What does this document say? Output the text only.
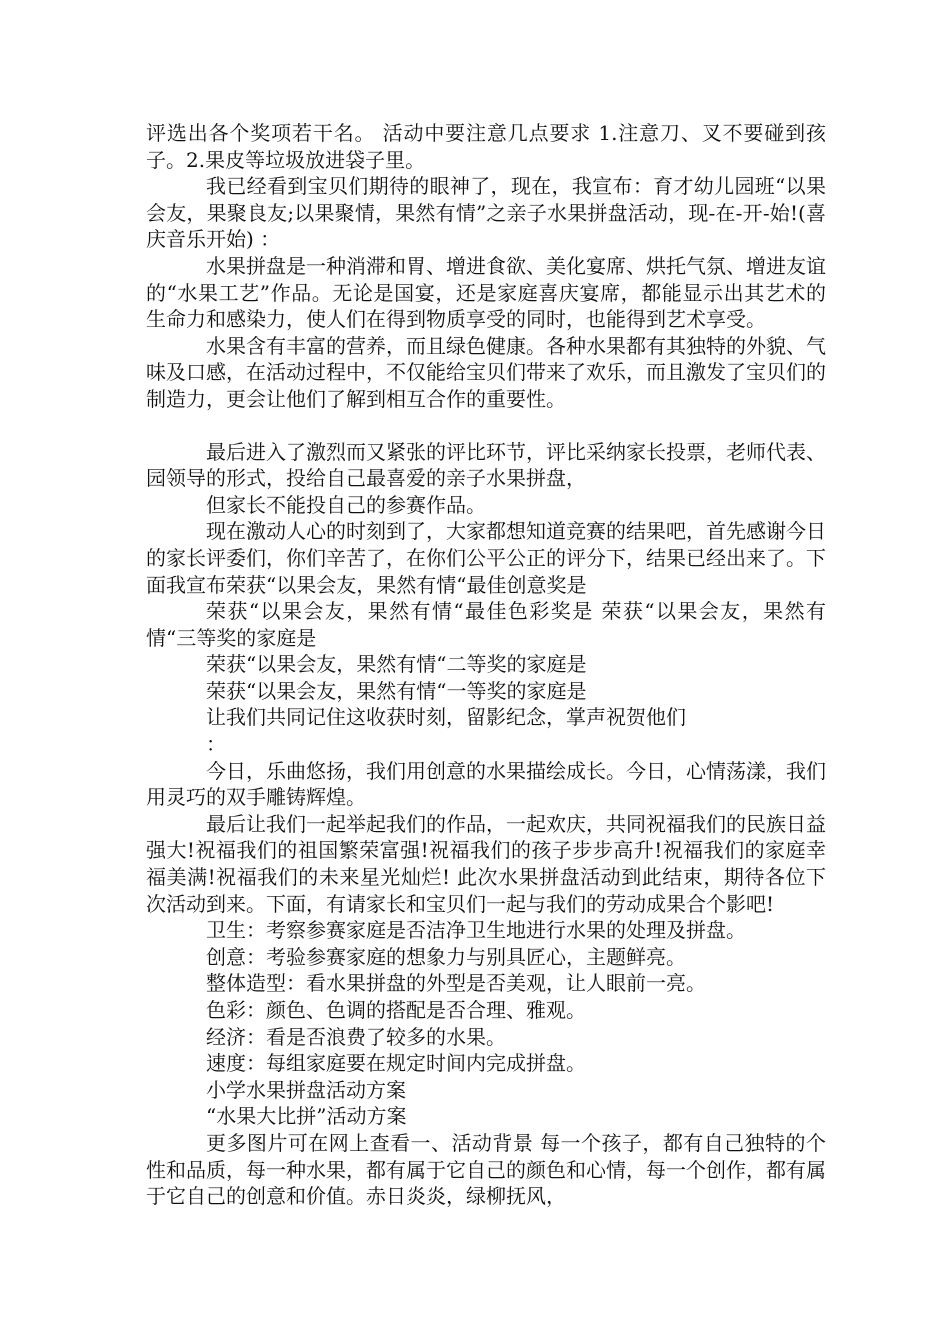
评选出各个奖项若干名。 活动中要注意几点要求 1.注意刀、叉不要碰到孩子。2.果皮等垃圾放进袋子里。

我已经看到宝贝们期待的眼神了，现在，我宣布：育才幼儿园班“以果会友，果聚良友;以果聚情，果然有情”之亲子水果拼盘活动，现-在-开-始!(喜庆音乐开始) ：

水果拼盘是一种消滞和胃、增进食欲、美化宴席、烘托气氛、增进友谊的“水果工艺”作品。无论是国宴，还是家庭喜庆宴席，都能显示出其艺术的生命力和感染力，使人们在得到物质享受的同时，也能得到艺术享受。

水果含有丰富的营养，而且绿色健康。各种水果都有其独特的外貌、气味及口感，在活动过程中，不仅能给宝贝们带来了欢乐，而且激发了宝贝们的制造力，更会让他们了解到相互合作的重要性。

最后进入了激烈而又紧张的评比环节，评比采纳家长投票，老师代表、园领导的形式，投给自己最喜爱的亲子水果拼盘，

但家长不能投自己的参赛作品。

现在激动人心的时刻到了，大家都想知道竞赛的结果吧，首先感谢今日的家长评委们，你们辛苦了，在你们公平公正的评分下，结果已经出来了。下面我宣布荣获“以果会友，果然有情“最佳创意奖是

荣获“以果会友，果然有情“最佳色彩奖是 荣获“以果会友，果然有情“三等奖的家庭是

荣获“以果会友，果然有情“二等奖的家庭是

荣获“以果会友，果然有情“一等奖的家庭是

让我们共同记住这收获时刻，留影纪念，掌声祝贺他们

：

今日，乐曲悠扬，我们用创意的水果描绘成长。今日，心情荡漾，我们用灵巧的双手雕铸辉煌。

最后让我们一起举起我们的作品，一起欢庆，共同祝福我们的民族日益强大!祝福我们的祖国繁荣富强!祝福我们的孩子步步高升!祝福我们的家庭幸福美满!祝福我们的未来星光灿烂! 此次水果拼盘活动到此结束，期待各位下次活动到来。下面，有请家长和宝贝们一起与我们的劳动成果合个影吧!

卫生：考察参赛家庭是否洁净卫生地进行水果的处理及拼盘。

创意：考验参赛家庭的想象力与别具匠心，主题鲜亮。

整体造型：看水果拼盘的外型是否美观，让人眼前一亮。

色彩：颜色、色调的搭配是否合理、雅观。

经济：看是否浪费了较多的水果。

速度：每组家庭要在规定时间内完成拼盘。

小学水果拼盘活动方案

“水果大比拼”活动方案

更多图片可在网上查看一、活动背景 每一个孩子，都有自己独特的个性和品质，每一种水果，都有属于它自己的颜色和心情，每一个创作，都有属于它自己的创意和价值。赤日炎炎，绿柳抚风，
